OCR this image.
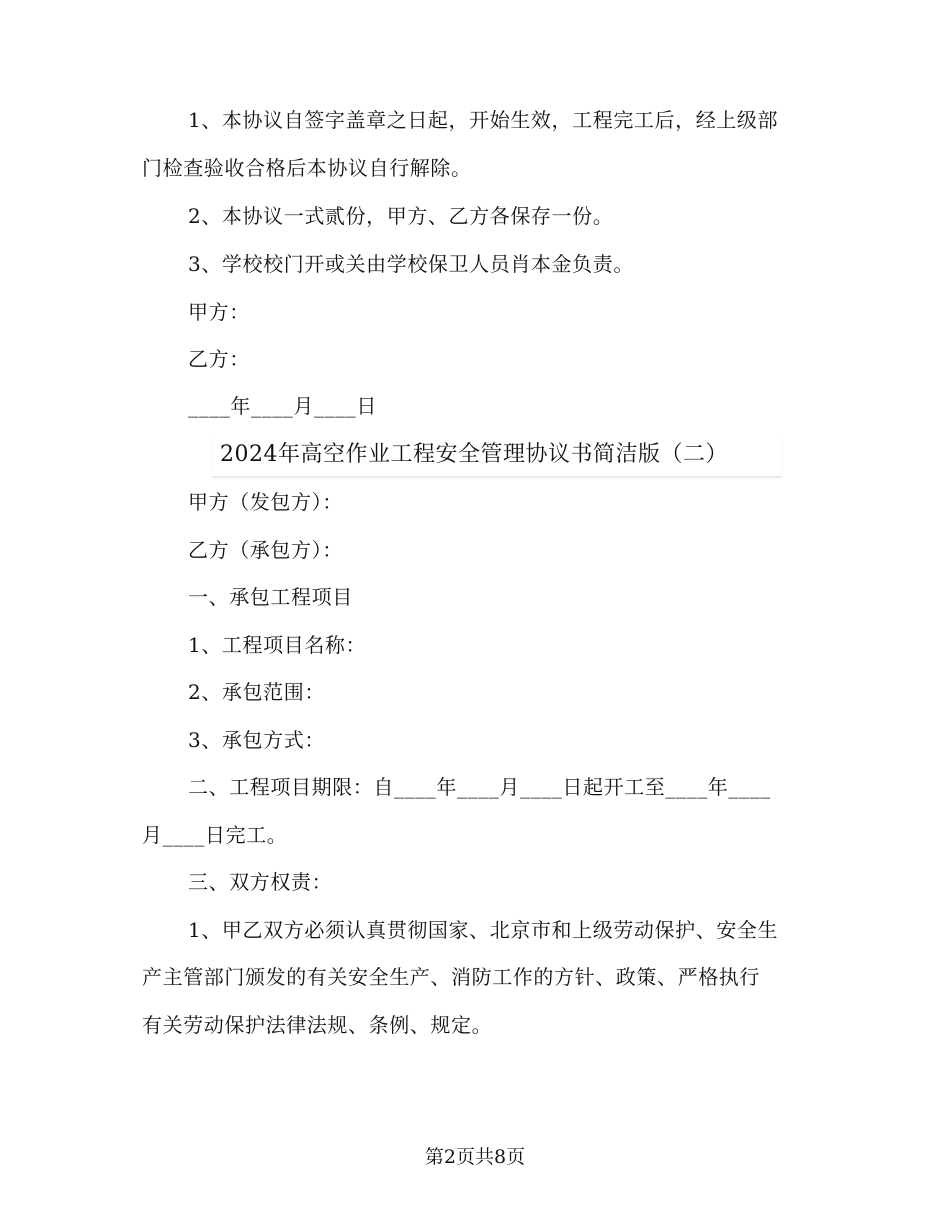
1、本协议自签字盖章之日起，开始生效，工程完工后，经上级部
门检查验收合格后本协议自行解除。
2、本协议一式贰份，甲方、乙方各保存一份。
3、学校校门开或关由学校保卫人员肖本金负责。
甲方：
乙方：
____年____月____日
2024年高空作业工程安全管理协议书简洁版（二）
甲方（发包方）：
乙方（承包方）：
一、承包工程项目
1、工程项目名称：
2、承包范围：
3、承包方式：
二、工程项目期限：自____年____月____日起开工至____年____
月____日完工。
三、双方权责：
1、甲乙双方必须认真贯彻国家、北京市和上级劳动保护、安全生
产主管部门颁发的有关安全生产、消防工作的方针、政策、严格执行
有关劳动保护法律法规、条例、规定。
第2页共8页
